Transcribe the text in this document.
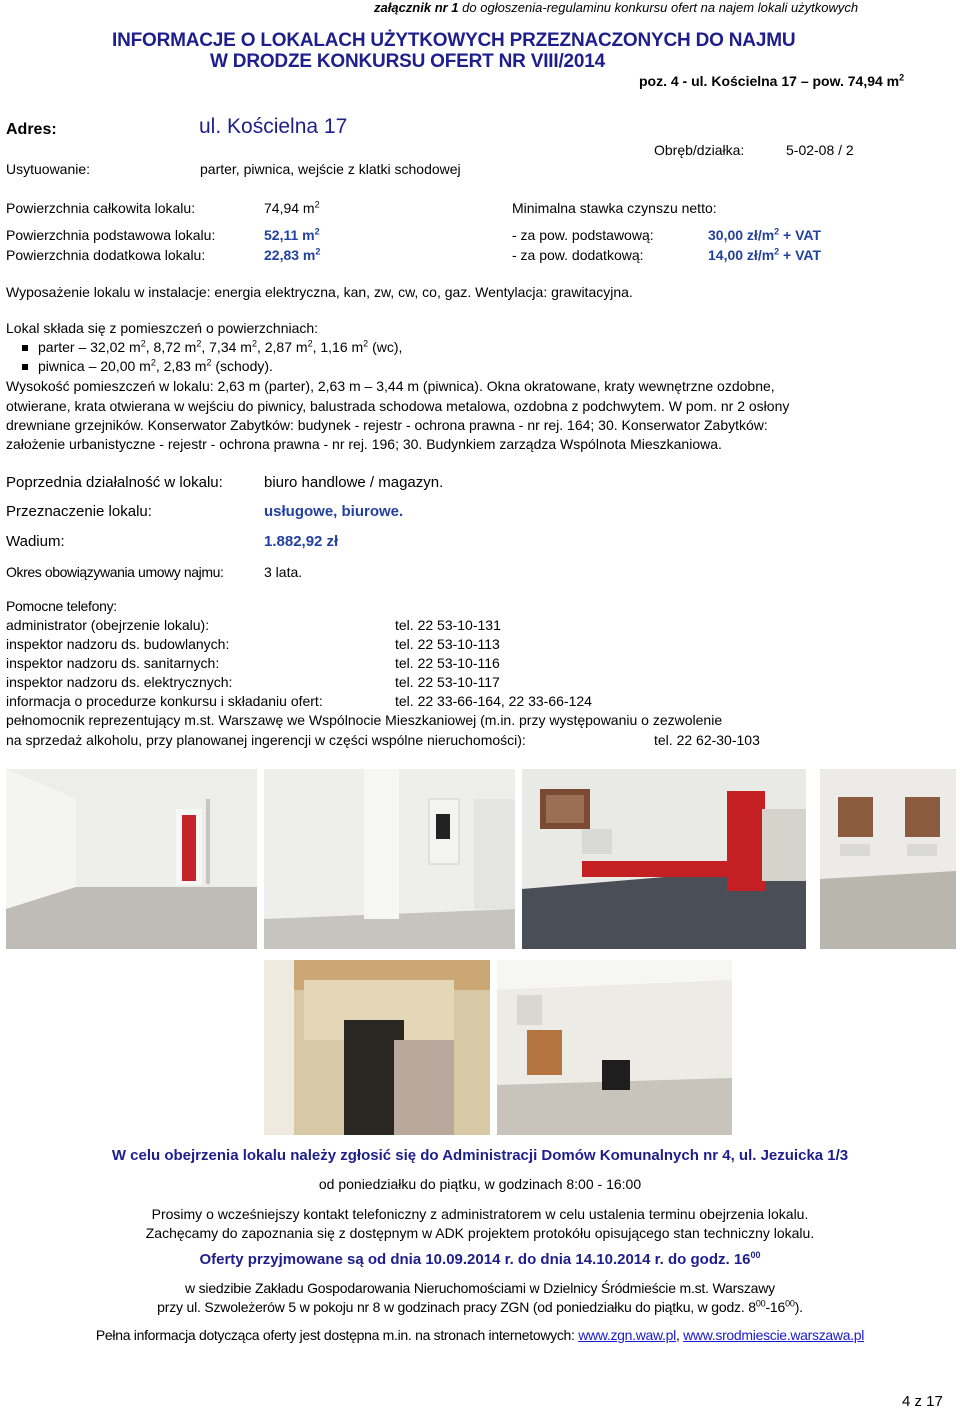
załącznik nr 1 do ogłoszenia-regulaminu konkursu ofert na najem lokali użytkowych
INFORMACJE O LOKALACH UŻYTKOWYCH PRZEZNACZONYCH DO NAJMU
W DRODZE KONKURSU OFERT NR VIII/2014
poz. 4 - ul. Kościelna 17 – pow. 74,94 $m^2$
Adres:	ul. Kościelna 17
Usytuowanie:	parter, piwnica, wejście z klatki schodowej
Obręb/działka:	5-02-08 / 2
Powierzchnia całkowita lokalu:	74,94 $m^2$
Powierzchnia podstawowa lokalu:	52,11 $m^2$
Powierzchnia dodatkowa lokalu:	22,83 $m^2$
Minimalna stawka czynszu netto:
- za pow. podstawową:	30,00 $zł/m^2$ + VAT
- za pow. dodatkową:	14,00 $zł/m^2$ + VAT
Wyposażenie lokalu w instalacje: energia elektryczna, kan, zw, cw, co, gaz. Wentylacja: grawitacyjna.
Lokal składa się z pomieszczeń o powierzchniach:
parter – 32,02 $m^2$, 8,72 $m^2$, 7,34 $m^2$, 2,87 $m^2$, 1,16 $m^2$ (wc),
piwnica – 20,00 $m^2$, 2,83 $m^2$ (schody).
Wysokość pomieszczeń w lokalu: 2,63 m (parter), 2,63 m – 3,44 m (piwnica). Okna okratowane, kraty wewnętrzne ozdobne,
otwierane, krata otwierana w wejściu do piwnicy, balustrada schodowa metalowa, ozdobna z podchwytem. W pom. nr 2 osłony
drewniane grzejników. Konserwator Zabytków: budynek - rejestr - ochrona prawna - nr rej. 164; 30. Konserwator Zabytków:
założenie urbanistyczne - rejestr - ochrona prawna - nr rej. 196; 30. Budynkiem zarządza Wspólnota Mieszkaniowa.
Poprzednia działalność w lokalu:	biuro handlowe / magazyn.
Przeznaczenie lokalu:	usługowe, biurowe.
Wadium:	1.882,92 zł
Okres obowiązywania umowy najmu:	3 lata.
Pomocne telefony:
administrator (obejrzenie lokalu):	tel. 22 53-10-131
inspektor nadzoru ds. budowlanych:	tel. 22 53-10-113
inspektor nadzoru ds. sanitarnych:	tel. 22 53-10-116
inspektor nadzoru ds. elektrycznych:	tel. 22 53-10-117
informacja o procedurze konkursu i składaniu ofert:	tel. 22 33-66-164, 22 33-66-124
pełnomocnik reprezentujący m.st. Warszawę we Wspólnocie Mieszkaniowej (m.in. przy występowaniu o zezwolenie
na sprzedaż alkoholu, przy planowanej ingerencji w części wspólne nieruchomości):	tel. 22 62-30-103
W celu obejrzenia lokalu należy zgłosić się do Administracji Domów Komunalnych nr 4, ul. Jezuicka 1/3
od poniedziałku do piątku, w godzinach 8:00 - 16:00
Prosimy o wcześniejszy kontakt telefoniczny z administratorem w celu ustalenia terminu obejrzenia lokalu.
Zachęcamy do zapoznania się z dostępnym w ADK projektem protokółu opisującego stan techniczny lokalu.
Oferty przyjmowane są od dnia 10.09.2014 r. do dnia 14.10.2014 r. do godz. $16^{00}$
w siedzibie Zakładu Gospodarowania Nieruchomościami w Dzielnicy Śródmieście m.st. Warszawy
przy ul. Szwoleżerów 5 w pokoju nr 8 w godzinach pracy ZGN (od poniedziałku do piątku, w godz. $8^{00}-16^{00}$).
Pełna informacja dotycząca oferty jest dostępna m.in. na stronach internetowych: www.zgn.waw.pl, www.srodmiescie.warszawa.pl
4 z 17
